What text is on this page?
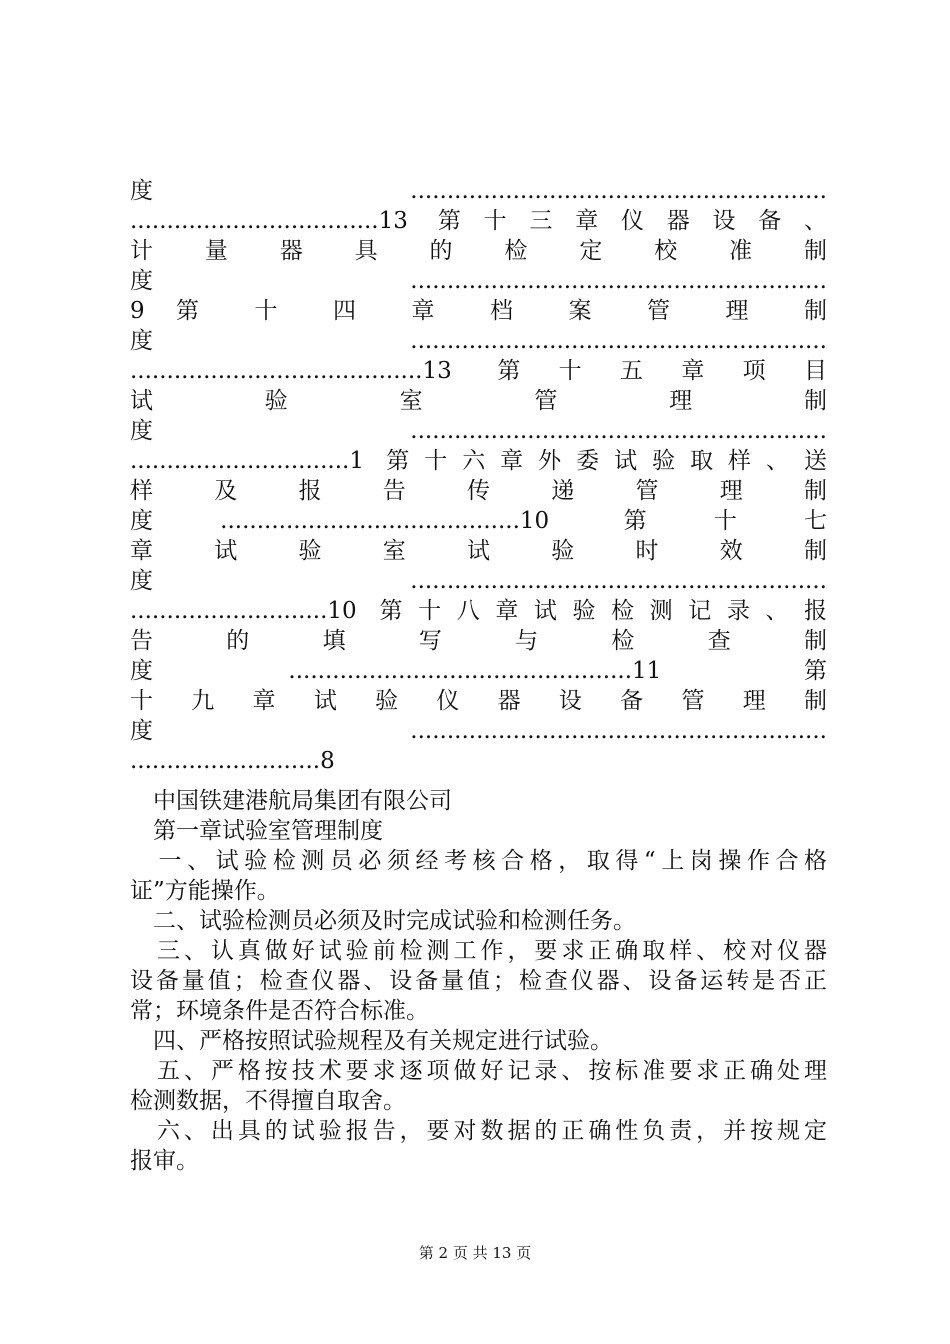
度.........................................................
..................................13 第十三章仪器设备、
计 量 器 具 的 检 定 校 准 制
度.........................................................
9 第 十 四 章 档 案 管 理 制
度.........................................................
........................................13 第十五章项目
试 验 室 管 理 制
度.........................................................
..............................1 第十六章外委试验取样、送
样 及 报 告 传 递 管 理 制
度.........................................10 第十七
章 试 验 室 试 验 时 效 制
度.........................................................
...........................10 第十八章试验检测记录、报
告 的 填 写 与 检 查 制
度...............................................11 第
十 九 章 试 验 仪 器 设 备 管 理 制
度.........................................................
..........................8
　中国铁建港航局集团有限公司
　第一章试验室管理制度
　一、试验检测员必须经考核合格，取得“上岗操作合格
证”方能操作。
　二、试验检测员必须及时完成试验和检测任务。
　三、认真做好试验前检测工作，要求正确取样、校对仪器
设备量值；检查仪器、设备量值；检查仪器、设备运转是否正
常；环境条件是否符合标准。
　四、严格按照试验规程及有关规定进行试验。
　五、严格按技术要求逐项做好记录、按标准要求正确处理
检测数据，不得擅自取舍。
　六、出具的试验报告，要对数据的正确性负责，并按规定
报审。
第 2 页 共 13 页
